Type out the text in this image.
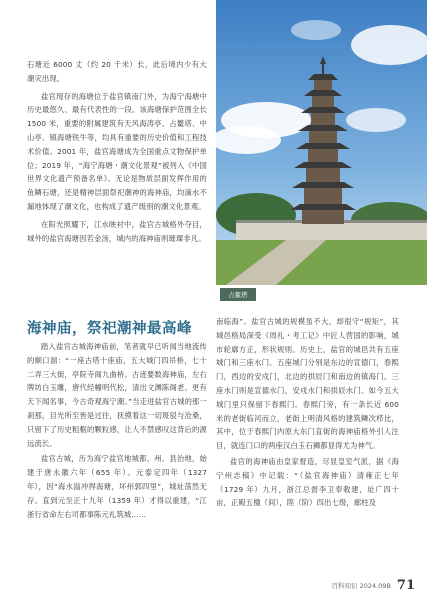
石塘近 6000 丈（约 20 千米）长，此后境内少有大潮灾出现。

盐官现存的海塘位于盐官镇南门外，为海宁海塘中历史最悠久、最有代表性的一段。该海塘保护范围全长 1500 米，重要的附属建筑有天风海涛亭、占鳌塔、中山亭、镇海塘铁牛等，均具有重要的历史价值和工程技术价值。2001 年，盐官海塘成为全国重点文物保护单位；2019 年，“海宁海塘・潮文化景观”被列入《中国世界文化遗产预备名单》。无论是物质层面发挥作用的鱼鳞石塘，还是精神层面祭祀潮神的海神庙，均滴水不漏地体现了潮文化，也构成了遗产级别的潮文化景观。

在阳光照耀下，江水映衬中，盐官古城格外夺目，城外的盐官海塘因若金汤，城内的海神庙则璀璨非凡。

占鳌塔
海神庙，祭祀潮神最高峰

踏入盐官古城海神庙前，笔者就早已听闻当地流传的顺口溜：“一座古塔十座庙，五大城门四吊桥，七十二弄三大街，亭院寺阁九曲桥。古迹要数海神庙，左右牌坊白玉雕，唐代经幢明代松，清出文渊陈阁老。更有天下闻名事，今古奇观海宁潮。”当走进盐官古城的那一刹那，目光所至皆是过往，抚摸着这一切斑驳与沧桑，只留下了历史粗粝的颗粒感，让人不禁感叹这背后的源远流长。

盐官古城，历为海宁盐官地城都，州、县治地，始建于唐永徽六年（655 年）。元泰定四年（1327 年），因“海水溢冲捍海塘，坏州郭四里”，城址荡然无存。直到元至正十九年（1359 年）才得以重建，“江浙行省命左右司都事陈元礼筑城……

南临海”。盐官古城的规模虽不大，却很守“规矩”，其城邑格局深受《周礼・考工记》中匠人营国的影响，城市轮廓方正，形状规则。历史上，盐官的城邑共有五座城门和三座水门。五座城门分别是东边的宣德门，春熙门，西边的安戍门，北边的拱辰门和南边的镇海门。三座水门则是宣德水门，安戍水门和拱辰水门。如今五大城门里只保留下春熙门。春熙门旁，有一条长近 600 米的老街临河而立，老街上明清风格的建筑鳞次栉比，其中，位于春熙门内原大东门直街的海神庙格外引人注目，就连门口的两座汉白玉石狮都显得尤为神气。

盐官的海神庙由皇家督造，尽显皇室气派，据《海宁州志稿》中记载：“（盐官海神庙）清雍正七年（1729 年）九月，浙江总督李卫奉敕建，址广四十亩，正殿五楹（间），陛（阶）四出七级，廊柱及

百科知识 2024.09B 71
